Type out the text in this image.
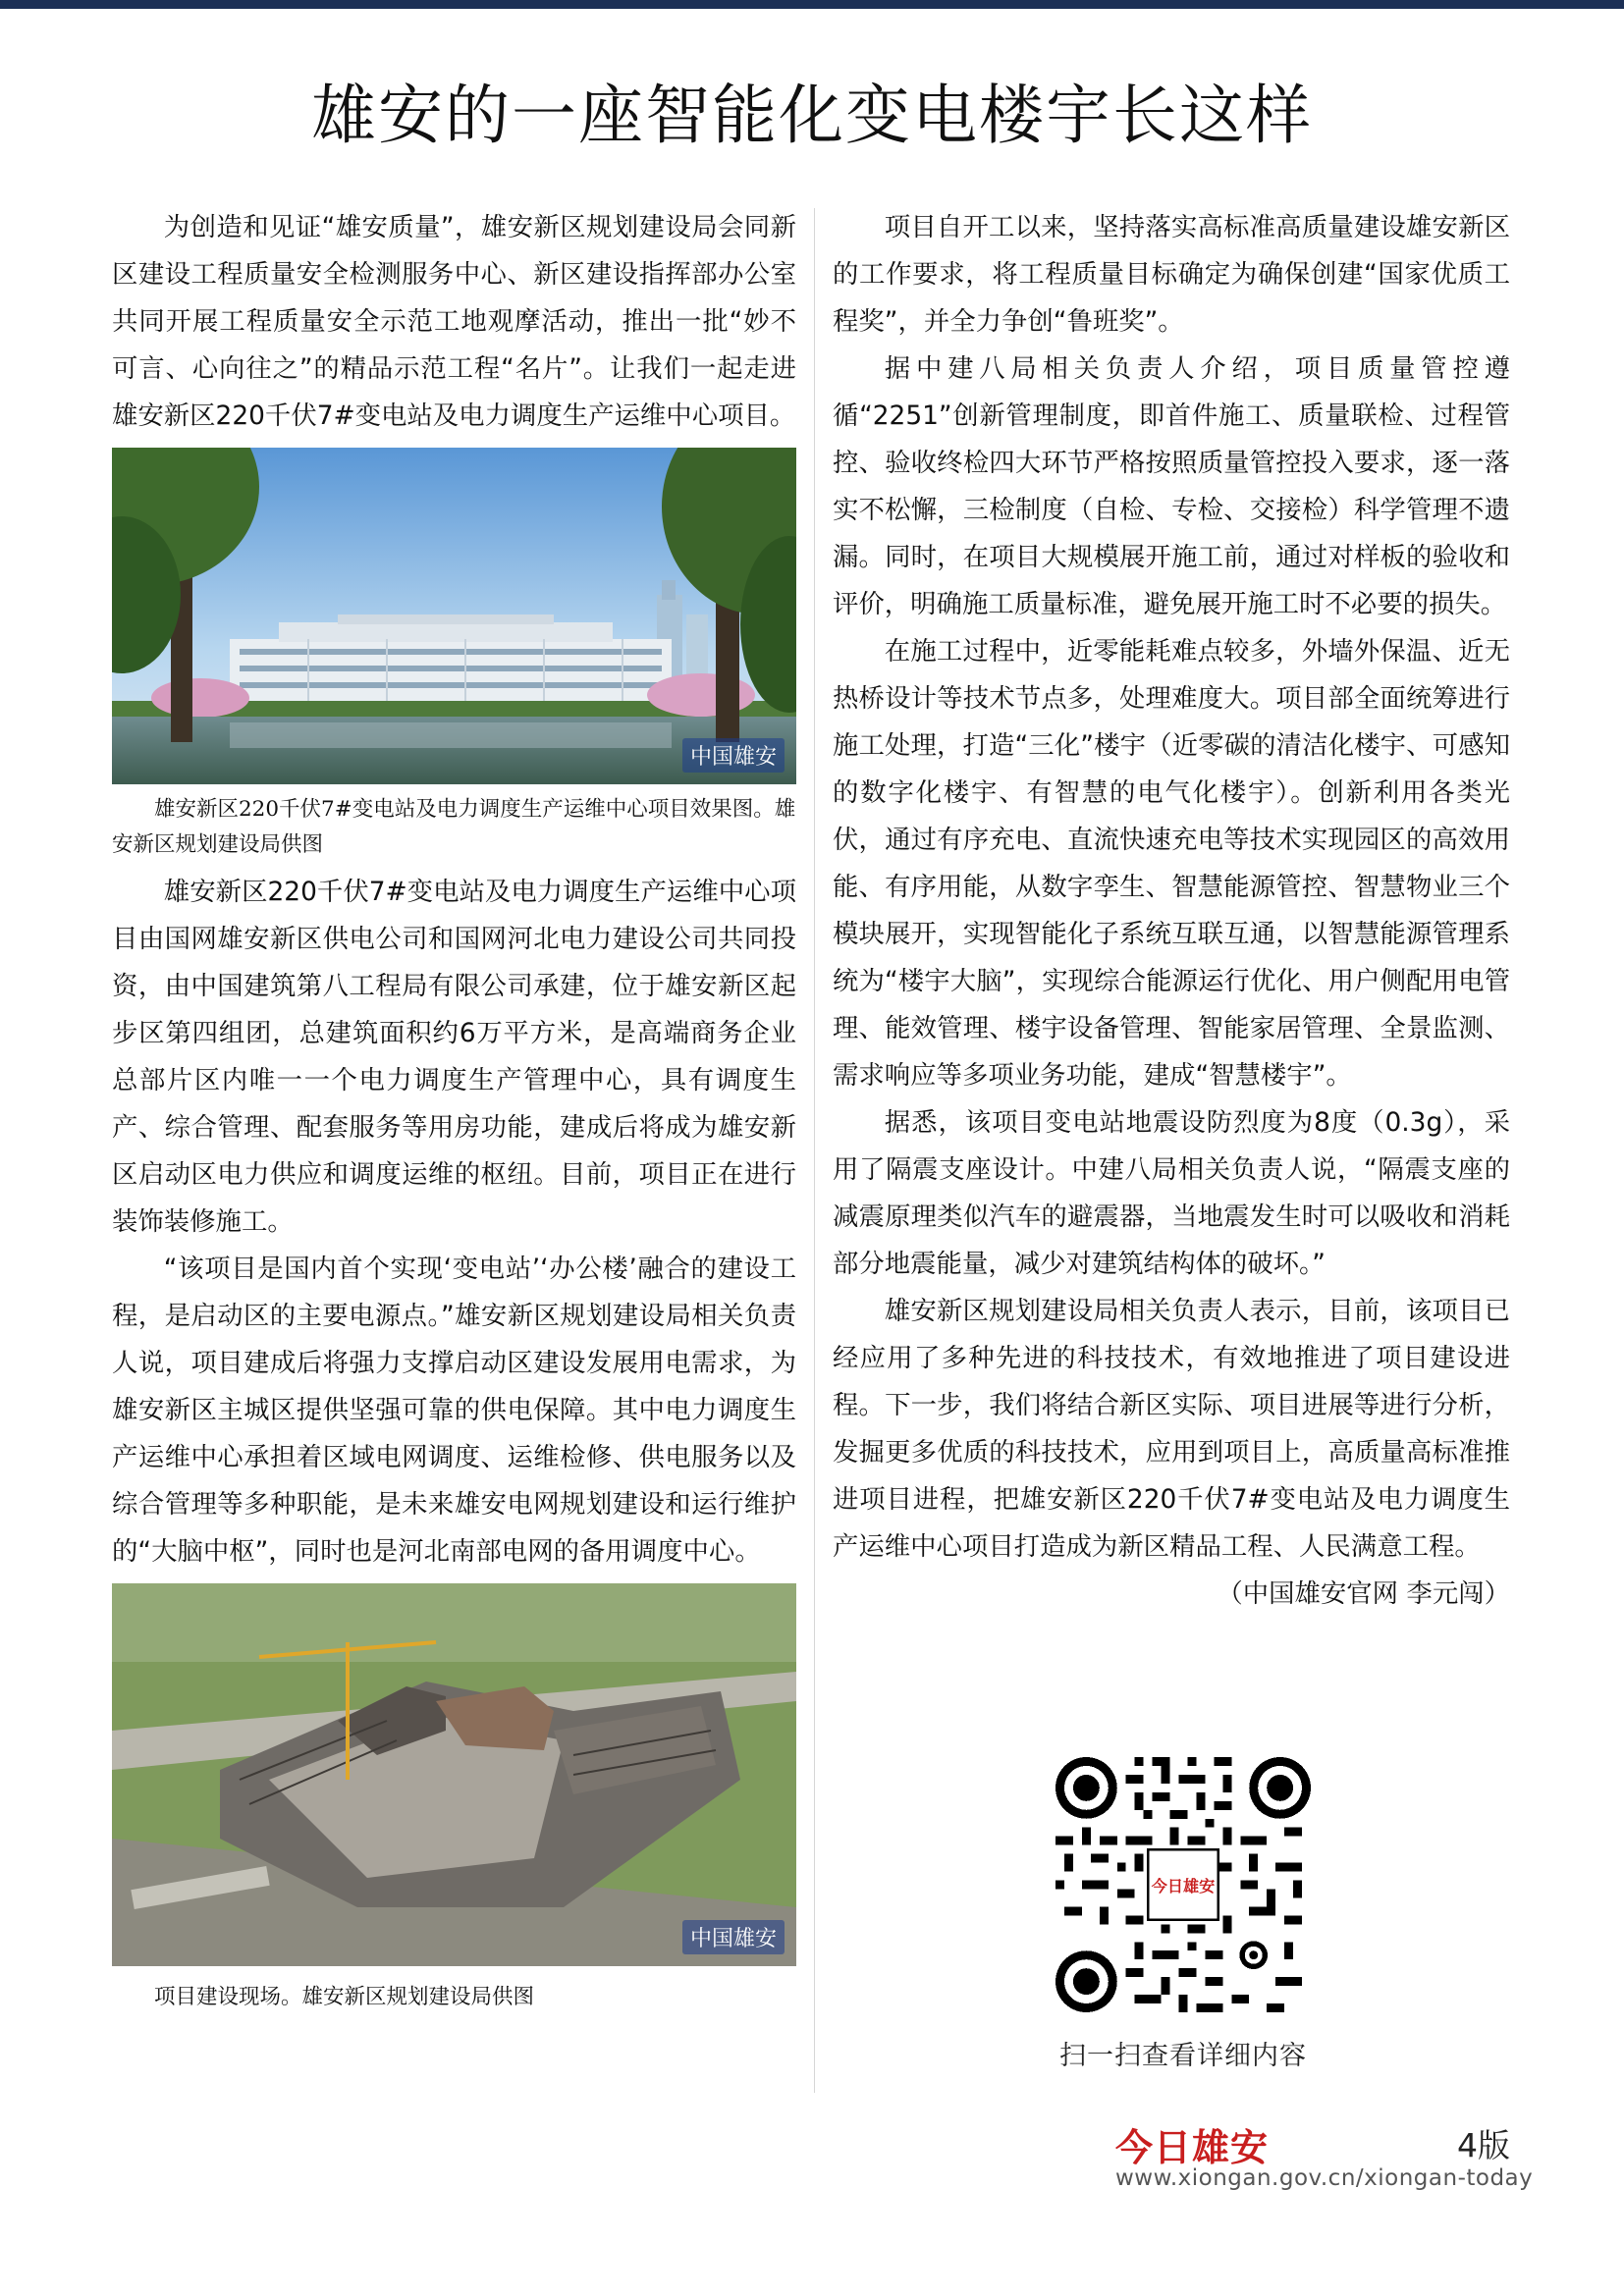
雄安的一座智能化变电楼宇长这样

为创造和见证“雄安质量”，雄安新区规划建设局会同新区建设工程质量安全检测服务中心、新区建设指挥部办公室共同开展工程质量安全示范工地观摩活动，推出一批“妙不可言、心向往之”的精品示范工程“名片”。让我们一起走进雄安新区220千伏7#变电站及电力调度生产运维中心项目。

中国雄安
雄安新区220千伏7#变电站及电力调度生产运维中心项目效果图。雄安新区规划建设局供图

雄安新区220千伏7#变电站及电力调度生产运维中心项目由国网雄安新区供电公司和国网河北电力建设公司共同投资，由中国建筑第八工程局有限公司承建，位于雄安新区起步区第四组团，总建筑面积约6万平方米，是高端商务企业总部片区内唯一一个电力调度生产管理中心，具有调度生产、综合管理、配套服务等用房功能，建成后将成为雄安新区启动区电力供应和调度运维的枢纽。目前，项目正在进行装饰装修施工。

“该项目是国内首个实现‘变电站’‘办公楼’融合的建设工程，是启动区的主要电源点。”雄安新区规划建设局相关负责人说，项目建成后将强力支撑启动区建设发展用电需求，为雄安新区主城区提供坚强可靠的供电保障。其中电力调度生产运维中心承担着区域电网调度、运维检修、供电服务以及综合管理等多种职能，是未来雄安电网规划建设和运行维护的“大脑中枢”，同时也是河北南部电网的备用调度中心。

中国雄安
项目建设现场。雄安新区规划建设局供图

项目自开工以来，坚持落实高标准高质量建设雄安新区的工作要求，将工程质量目标确定为确保创建“国家优质工程奖”，并全力争创“鲁班奖”。

据中建八局相关负责人介绍，项目质量管控遵循“2251”创新管理制度，即首件施工、质量联检、过程管控、验收终检四大环节严格按照质量管控投入要求，逐一落实不松懈，三检制度（自检、专检、交接检）科学管理不遗漏。同时，在项目大规模展开施工前，通过对样板的验收和评价，明确施工质量标准，避免展开施工时不必要的损失。

在施工过程中，近零能耗难点较多，外墙外保温、近无热桥设计等技术节点多，处理难度大。项目部全面统筹进行施工处理，打造“三化”楼宇（近零碳的清洁化楼宇、可感知的数字化楼宇、有智慧的电气化楼宇）。创新利用各类光伏，通过有序充电、直流快速充电等技术实现园区的高效用能、有序用能，从数字孪生、智慧能源管控、智慧物业三个模块展开，实现智能化子系统互联互通，以智慧能源管理系统为“楼宇大脑”，实现综合能源运行优化、用户侧配用电管理、能效管理、楼宇设备管理、智能家居管理、全景监测、需求响应等多项业务功能，建成“智慧楼宇”。

据悉，该项目变电站地震设防烈度为8度（0.3g），采用了隔震支座设计。中建八局相关负责人说，“隔震支座的减震原理类似汽车的避震器，当地震发生时可以吸收和消耗部分地震能量，减少对建筑结构体的破坏。”

雄安新区规划建设局相关负责人表示，目前，该项目已经应用了多种先进的科技技术，有效地推进了项目建设进程。下一步，我们将结合新区实际、项目进展等进行分析，发掘更多优质的科技技术，应用到项目上，高质量高标准推进项目进程，把雄安新区220千伏7#变电站及电力调度生产运维中心项目打造成为新区精品工程、人民满意工程。
（中国雄安官网 李元闯）

今日雄安
扫一扫查看详细内容
今日雄安	4版
www.xiongan.gov.cn/xiongan-today
